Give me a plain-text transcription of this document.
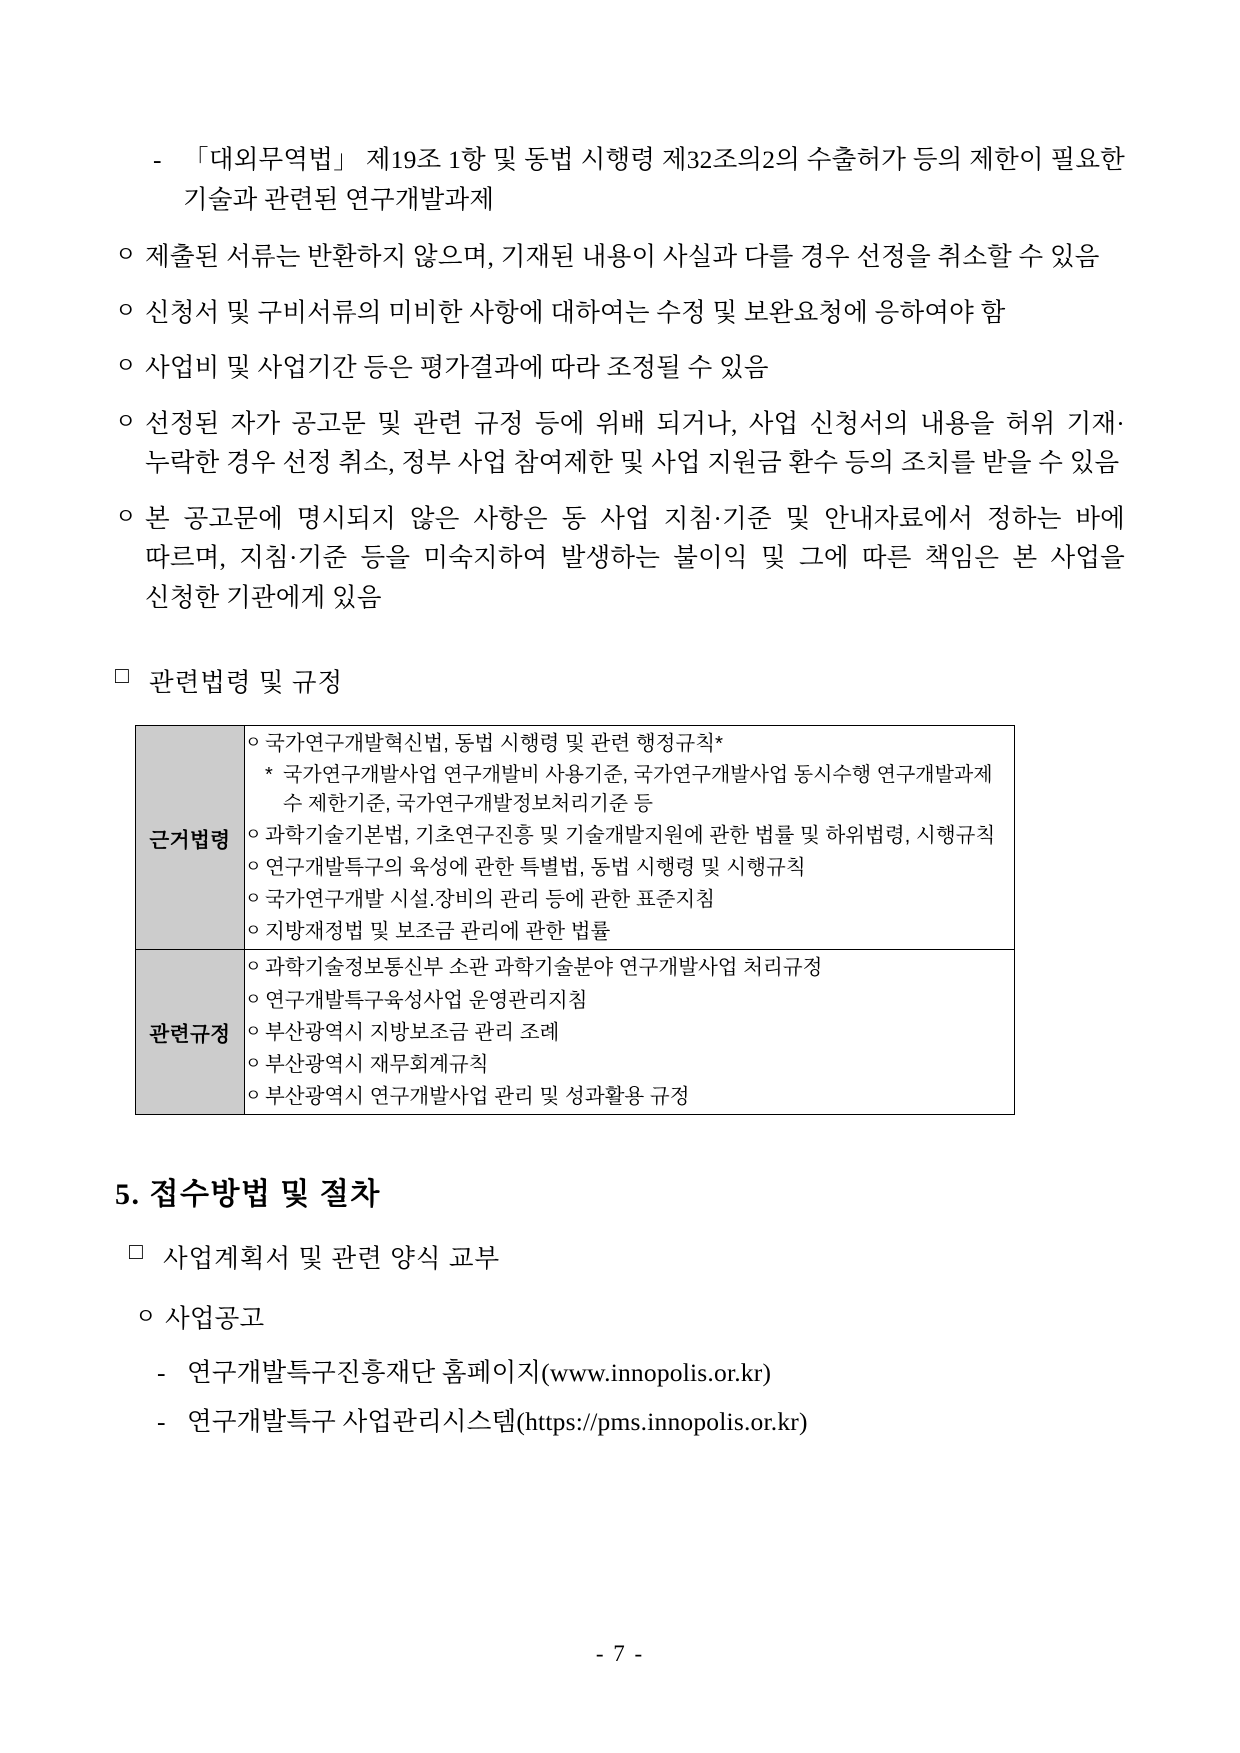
- 「대외무역법」 제19조 1항 및 동법 시행령 제32조의2의 수출허가 등의 제한이 필요한 기술과 관련된 연구개발과제
ㅇ 제출된 서류는 반환하지 않으며, 기재된 내용이 사실과 다를 경우 선정을 취소할 수 있음
ㅇ 신청서 및 구비서류의 미비한 사항에 대하여는 수정 및 보완요청에 응하여야 함
ㅇ 사업비 및 사업기간 등은 평가결과에 따라 조정될 수 있음
ㅇ 선정된 자가 공고문 및 관련 규정 등에 위배 되거나, 사업 신청서의 내용을 허위 기재·누락한 경우 선정 취소, 정부 사업 참여제한 및 사업 지원금 환수 등의 조치를 받을 수 있음
ㅇ 본 공고문에 명시되지 않은 사항은 동 사업 지침·기준 및 안내자료에서 정하는 바에 따르며, 지침·기준 등을 미숙지하여 발생하는 불이익 및 그에 따른 책임은 본 사업을 신청한 기관에게 있음
□ 관련법령 및 규정
근거법령	
ㅇ 국가연구개발혁신법, 동법 시행령 및 관련 행정규칙*
* 국가연구개발사업 연구개발비 사용기준, 국가연구개발사업 동시수행 연구개발과제 수 제한기준, 국가연구개발정보처리기준 등
ㅇ 과학기술기본법, 기초연구진흥 및 기술개발지원에 관한 법률 및 하위법령, 시행규칙
ㅇ 연구개발특구의 육성에 관한 특별법, 동법 시행령 및 시행규칙
ㅇ 국가연구개발 시설.장비의 관리 등에 관한 표준지침
ㅇ 지방재정법 및 보조금 관리에 관한 법률

관련규정	
ㅇ 과학기술정보통신부 소관 과학기술분야 연구개발사업 처리규정
ㅇ 연구개발특구육성사업 운영관리지침
ㅇ 부산광역시 지방보조금 관리 조례
ㅇ 부산광역시 재무회계규칙
ㅇ 부산광역시 연구개발사업 관리 및 성과활용 규정
5. 접수방법 및 절차
□ 사업계획서 및 관련 양식 교부
ㅇ 사업공고
- 연구개발특구진흥재단 홈페이지(www.innopolis.or.kr)
- 연구개발특구 사업관리시스템(https://pms.innopolis.or.kr)
- 7 -
